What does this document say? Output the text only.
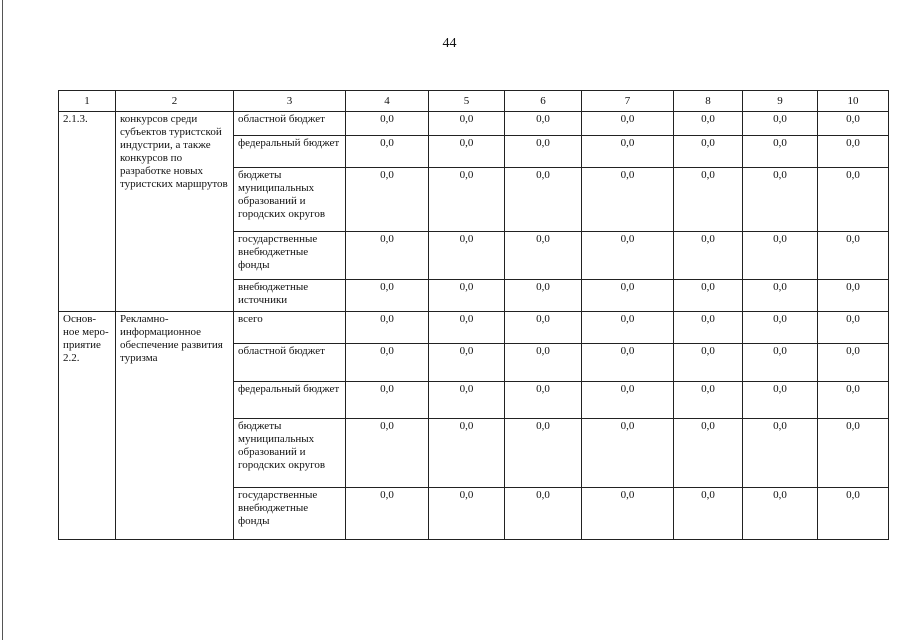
44
1	2	3	4	5	6	7	8	9	10
2.1.3.	конкурсов среди субъектов туристской индустрии, а также конкурсов по разработке новых туристских маршрутов	областной бюджет	0,0	0,0	0,0	0,0	0,0	0,0	0,0
		федеральный бюджет	0,0	0,0	0,0	0,0	0,0	0,0	0,0
		бюджеты муниципальных образований и городских округов	0,0	0,0	0,0	0,0	0,0	0,0	0,0
		государственные внебюджетные фонды	0,0	0,0	0,0	0,0	0,0	0,0	0,0
		внебюджетные источники	0,0	0,0	0,0	0,0	0,0	0,0	0,0
Основ-ное меро-приятие 2.2.	Рекламно-информационное обеспечение развития туризма	всего	0,0	0,0	0,0	0,0	0,0	0,0	0,0
		областной бюджет	0,0	0,0	0,0	0,0	0,0	0,0	0,0
		федеральный бюджет	0,0	0,0	0,0	0,0	0,0	0,0	0,0
		бюджеты муниципальных образований и городских округов	0,0	0,0	0,0	0,0	0,0	0,0	0,0
		государственные внебюджетные фонды	0,0	0,0	0,0	0,0	0,0	0,0	0,0
